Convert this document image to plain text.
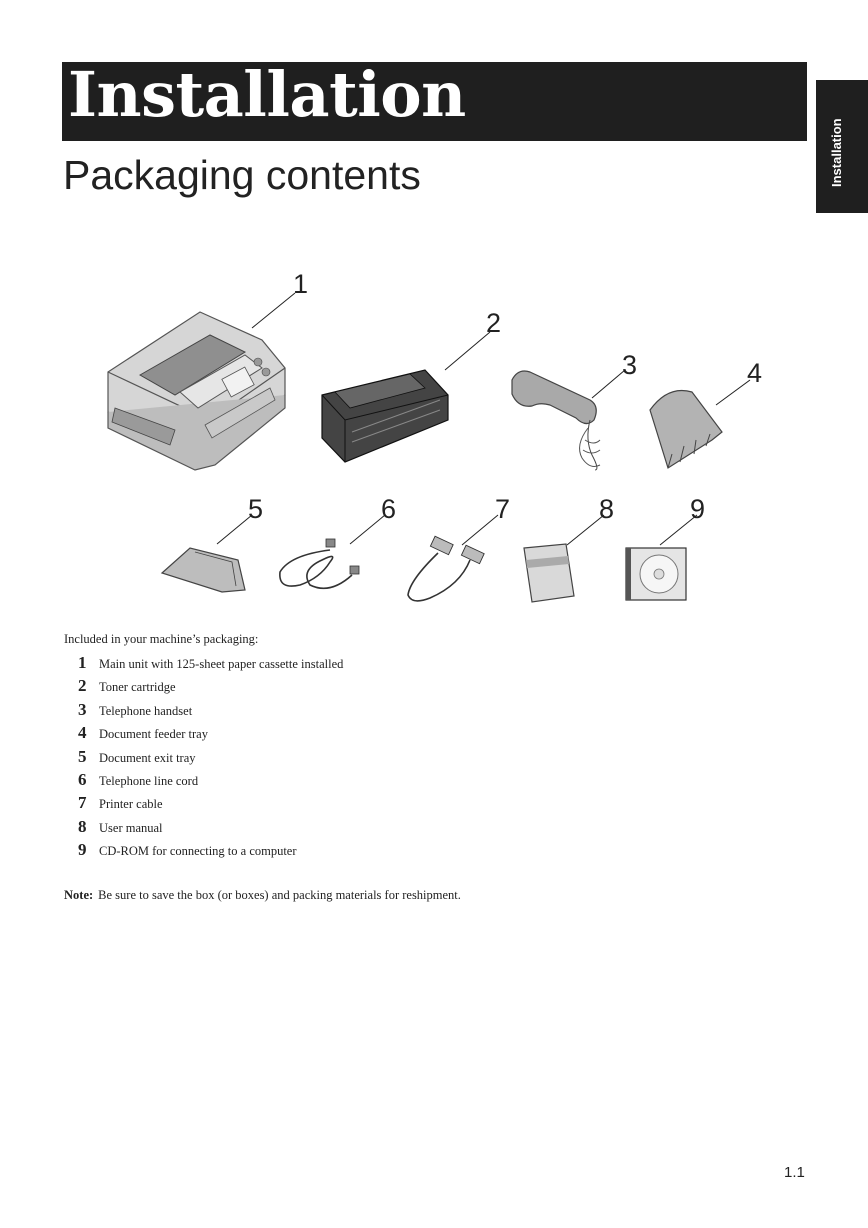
Installation
Packaging contents	Installation
1
2
3	4
5	6	7	8	9
Included in your machine’s packaging:
1	Main unit with 125-sheet paper cassette installed
2	Toner cartridge
3	Telephone handset
4	Document feeder tray
5	Document exit tray
6	Telephone line cord
7	Printer cable
8	User manual
9	CD-ROM for connecting to a computer
Note: Be sure to save the box (or boxes) and packing materials for reshipment.
1.1
